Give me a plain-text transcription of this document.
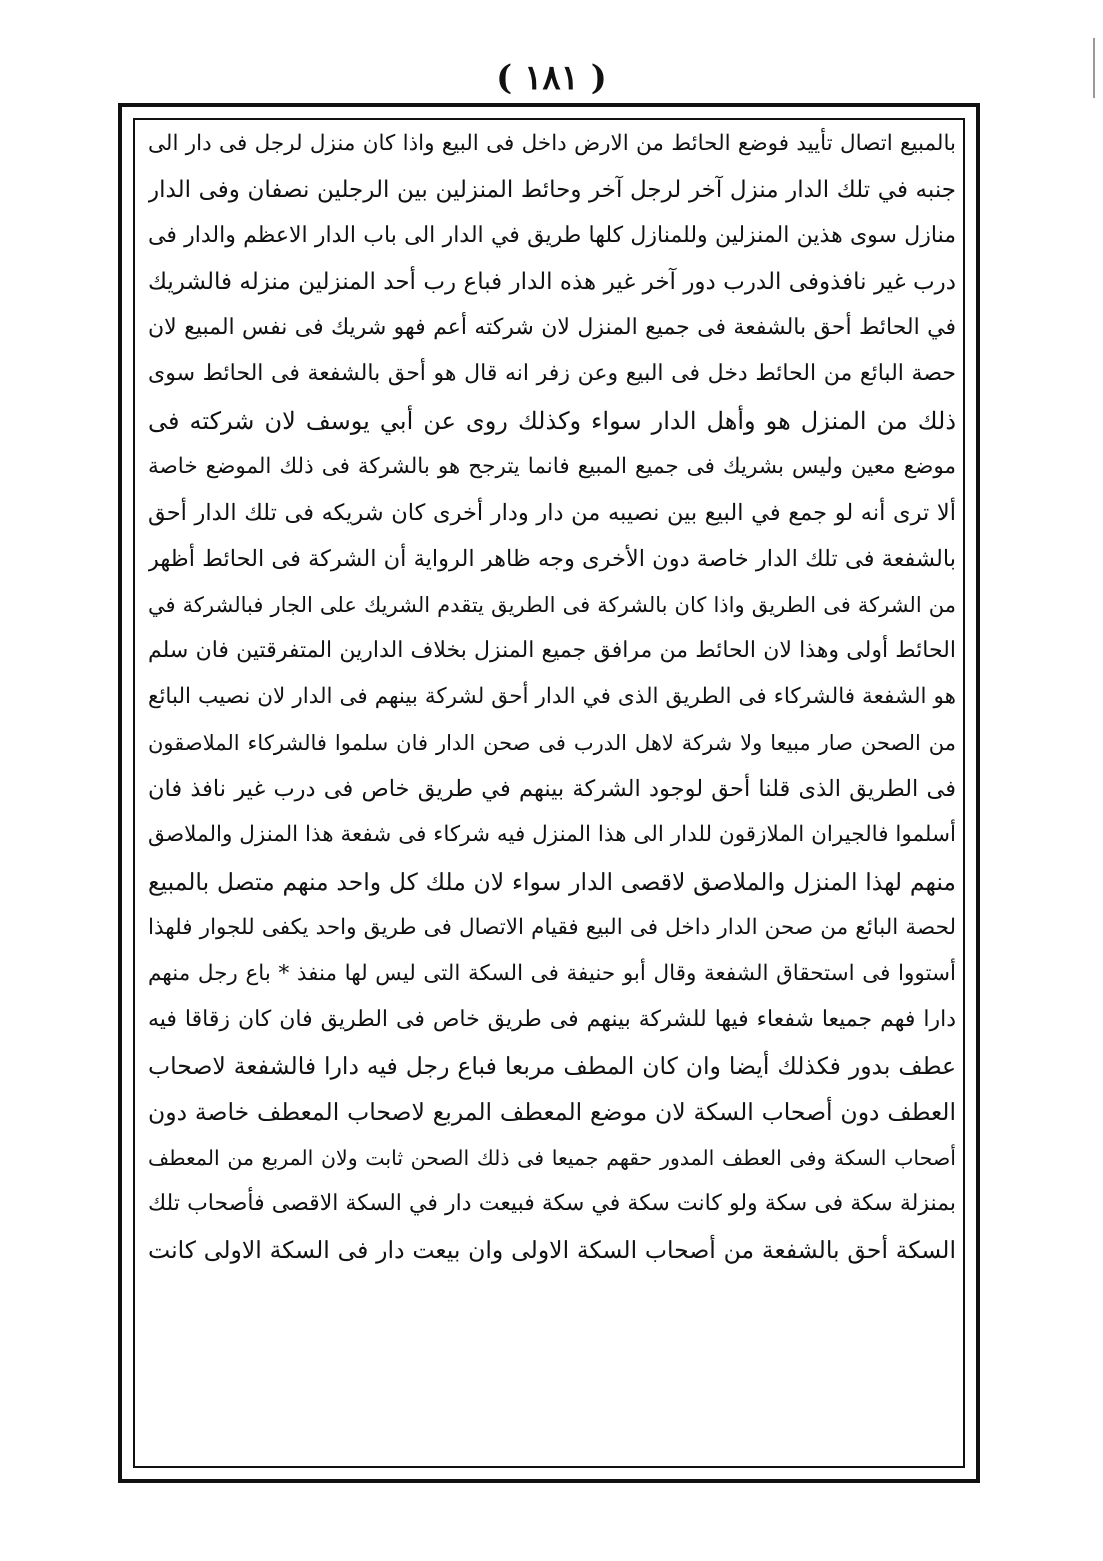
( ١٨١ )
بالمبيع اتصال تأييد فوضع الحائط من الارض داخل فى البيع واذا كان منزل لرجل فى دار الى
جنبه في تلك الدار منزل آخر لرجل آخر وحائط المنزلين بين الرجلين نصفان وفى الدار
منازل سوى هذين المنزلين وللمنازل كلها طريق في الدار الى باب الدار الاعظم والدار فى
درب غير نافذوفى الدرب دور آخر غير هذه الدار فباع رب أحد المنزلين منزله فالشريك
في الحائط أحق بالشفعة فى جميع المنزل لان شركته أعم فهو شريك فى نفس المبيع لان
حصة البائع من الحائط دخل فى البيع وعن زفر انه قال هو أحق بالشفعة فى الحائط سوى
ذلك من المنزل هو وأهل الدار سواء وكذلك روى عن أبي يوسف لان شركته فى
موضع معين وليس بشريك فى جميع المبيع فانما يترجح هو بالشركة فى ذلك الموضع خاصة
ألا ترى أنه لو جمع في البيع بين نصيبه من دار ودار أخرى كان شريكه فى تلك الدار أحق
بالشفعة فى تلك الدار خاصة دون الأخرى وجه ظاهر الرواية أن الشركة فى الحائط أظهر
من الشركة فى الطريق واذا كان بالشركة فى الطريق يتقدم الشريك على الجار فبالشركة في
الحائط أولى وهذا لان الحائط من مرافق جميع المنزل بخلاف الدارين المتفرقتين فان سلم
هو الشفعة فالشركاء فى الطريق الذى في الدار أحق لشركة بينهم فى الدار لان نصيب البائع
من الصحن صار مبيعا ولا شركة لاهل الدرب فى صحن الدار فان سلموا فالشركاء الملاصقون
فى الطريق الذى قلنا أحق لوجود الشركة بينهم في طريق خاص فى درب غير نافذ فان
أسلموا فالجيران الملازقون للدار الى هذا المنزل فيه شركاء فى شفعة هذا المنزل والملاصق
منهم لهذا المنزل والملاصق لاقصى الدار سواء لان ملك كل واحد منهم متصل بالمبيع
لحصة البائع من صحن الدار داخل فى البيع فقيام الاتصال فى طريق واحد يكفى للجوار فلهذا
أستووا فى استحقاق الشفعة وقال أبو حنيفة فى السكة التى ليس لها منفذ * باع رجل منهم
دارا فهم جميعا شفعاء فيها للشركة بينهم فى طريق خاص فى الطريق فان كان زقاقا فيه
عطف بدور فكذلك أيضا وان كان المطف مربعا فباع رجل فيه دارا فالشفعة لاصحاب
العطف دون أصحاب السكة لان موضع المعطف المربع لاصحاب المعطف خاصة دون
أصحاب السكة وفى العطف المدور حقهم جميعا فى ذلك الصحن ثابت ولان المربع من المعطف
بمنزلة سكة فى سكة ولو كانت سكة في سكة فبيعت دار في السكة الاقصى فأصحاب تلك
السكة أحق بالشفعة من أصحاب السكة الاولى وان بيعت دار فى السكة الاولى كانت
